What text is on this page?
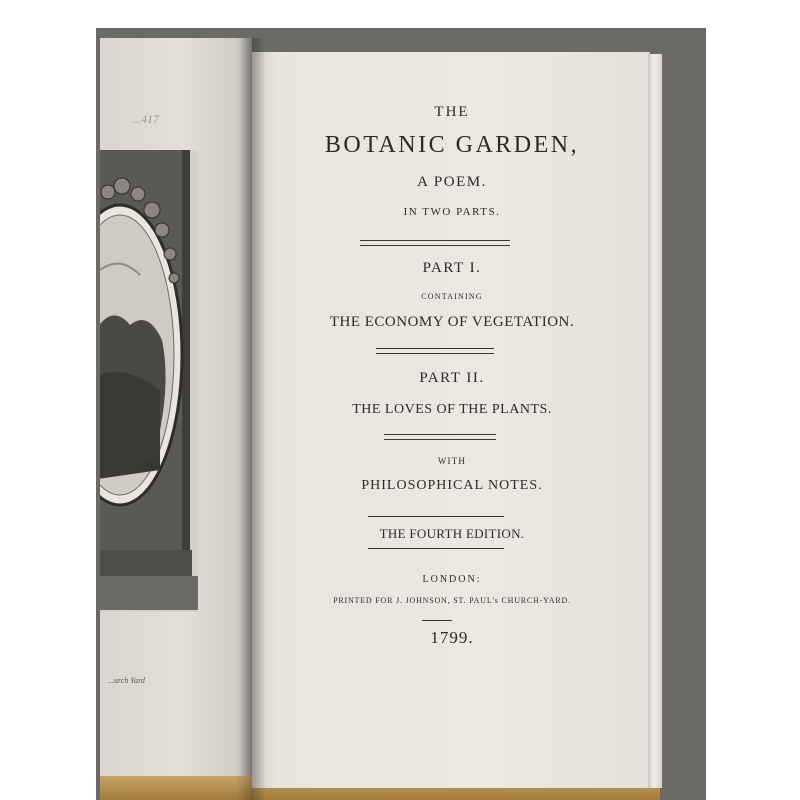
...417
...TD.
...urch Yard
THE
BOTANIC GARDEN,
A POEM.
IN TWO PARTS.
PART I.
CONTAINING
THE ECONOMY OF VEGETATION.
PART II.
THE LOVES OF THE PLANTS.
WITH
PHILOSOPHICAL NOTES.
THE FOURTH EDITION.
LONDON:
PRINTED FOR J. JOHNSON, ST. PAUL's CHURCH-YARD.
1799.
